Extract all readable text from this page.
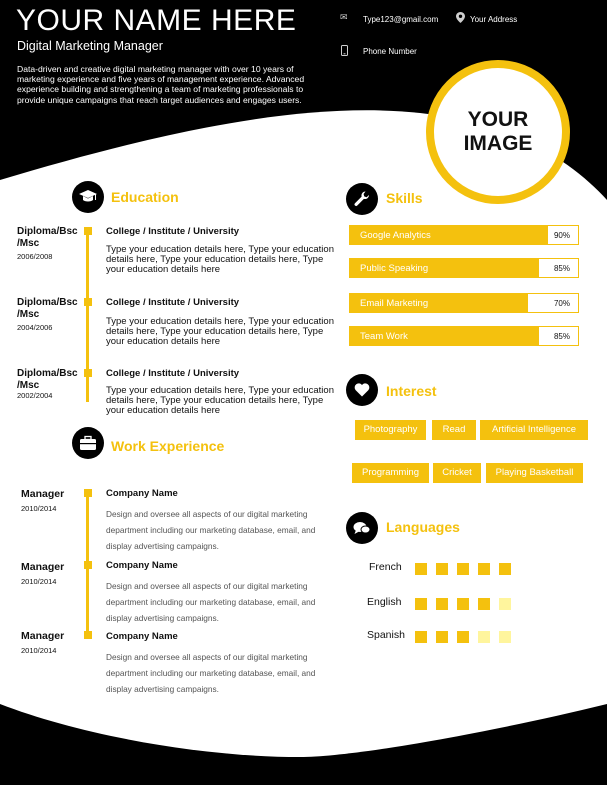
YOUR NAME HERE
Digital Marketing Manager
Data-driven and creative digital marketing manager with over 10 years of marketing experience and five years of management experience. Advanced experience building and strengthening a team of marketing professionals to provide unique campaigns that reach target audiences and engages users.
✉ Type123@gmail.com	Your Address
Phone Number
YOUR IMAGE
Education
Diploma/Bsc /Msc
2006/2008
College / Institute / University
Type your education details here, Type your education details here, Type your education details here, Type your education details here
Diploma/Bsc /Msc
2004/2006
College / Institute / University
Type your education details here, Type your education details here, Type your education details here, Type your education details here
Diploma/Bsc /Msc
2002/2004
College / Institute / University
Type your education details here, Type your education details here, Type your education details here, Type your education details here
Work Experience
Manager
2010/2014
Company Name
Design and oversee all aspects of our digital marketing department including our marketing database, email, and display advertising campaigns.
Manager
2010/2014
Company Name
Design and oversee all aspects of our digital marketing department including our marketing database, email, and display advertising campaigns.
Manager
2010/2014
Company Name
Design and oversee all aspects of our digital marketing department including our marketing database, email, and display advertising campaigns.
Skills
Google Analytics	90%
Public Speaking	85%
Email Marketing	70%
Team Work	85%
Interest
Photography	Read	Artificial Intelligence
Programming	Cricket	Playing Basketball
Languages
French
English
Spanish
